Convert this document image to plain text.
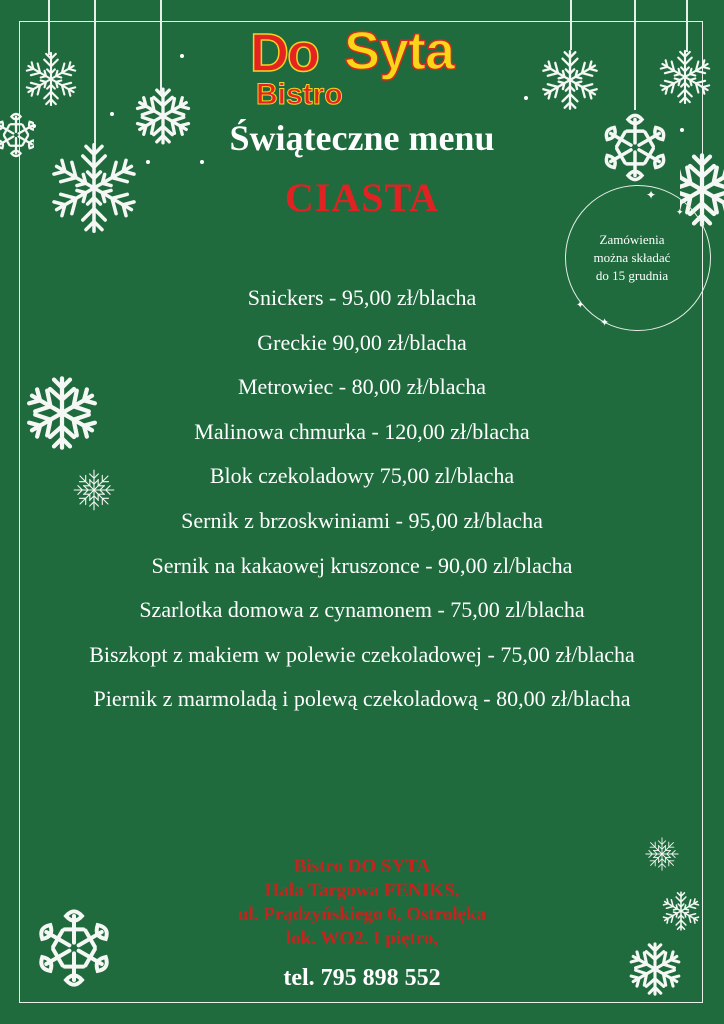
Do Syta
Bistro
Świąteczne menu
CIASTA	✦
✦
✦
✦
Zamówienia
można składać
do 15 grudnia

Snickers - 95,00 zł/blacha

Greckie 90,00 zł/blacha

Metrowiec - 80,00 zł/blacha

Malinowa chmurka - 120,00 zł/blacha

Blok czekoladowy 75,00 zl/blacha

Sernik z brzoskwiniami - 95,00 zł/blacha

Sernik na kakaowej kruszonce - 90,00 zl/blacha

Szarlotka domowa z cynamonem - 75,00 zl/blacha

Biszkopt z makiem w polewie czekoladowej - 75,00 zł/blacha

Piernik z marmoladą i polewą czekoladową - 80,00 zł/blacha

Bistro DO SYTA
Hala Targowa FENIKS,
ul. Prądzyńskiego 6, Ostrołęka
lok. WO2. I piętro,
tel. 795 898 552
